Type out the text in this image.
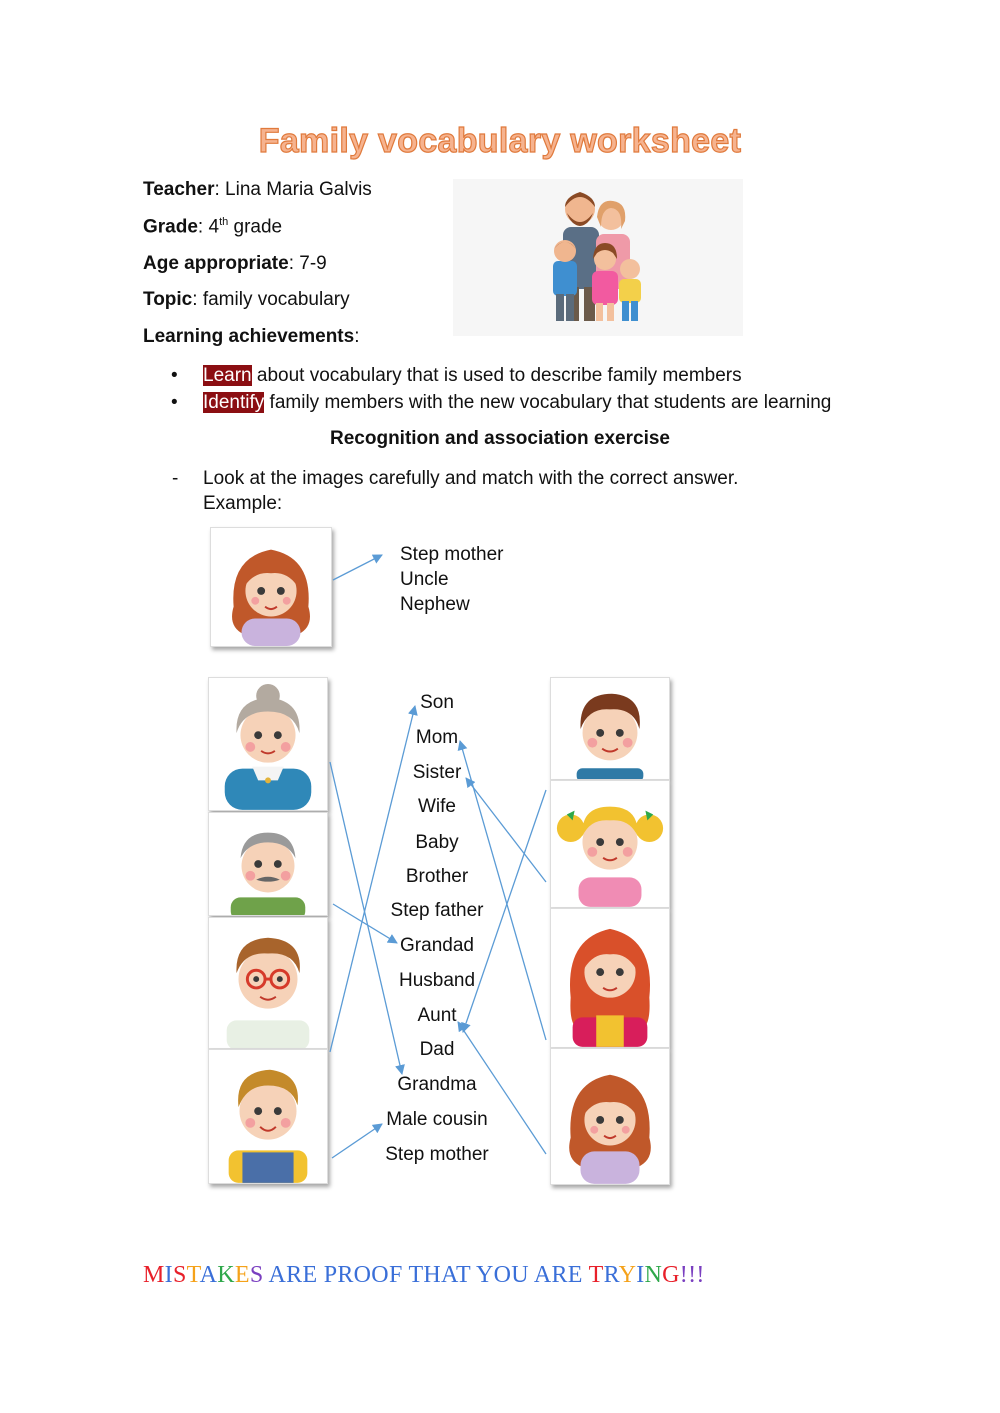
Family vocabulary worksheet
Teacher: Lina Maria Galvis
Grade: 4th grade
Age appropriate: 7-9
Topic: family vocabulary
Learning achievements:
• Learn about vocabulary that is used to describe family members
• Identify family members with the new vocabulary that students are learning
Recognition and association exercise
- Look at the images carefully and match with the correct answer.
Example:
Step mother
Uncle
Nephew
Son
Mom
Sister
Wife
Baby
Brother
Step father
Grandad
Husband
Aunt
Dad
Grandma
Male cousin
Step mother
MISTAKES ARE PROOF THAT YOU ARE TRYING!!!
